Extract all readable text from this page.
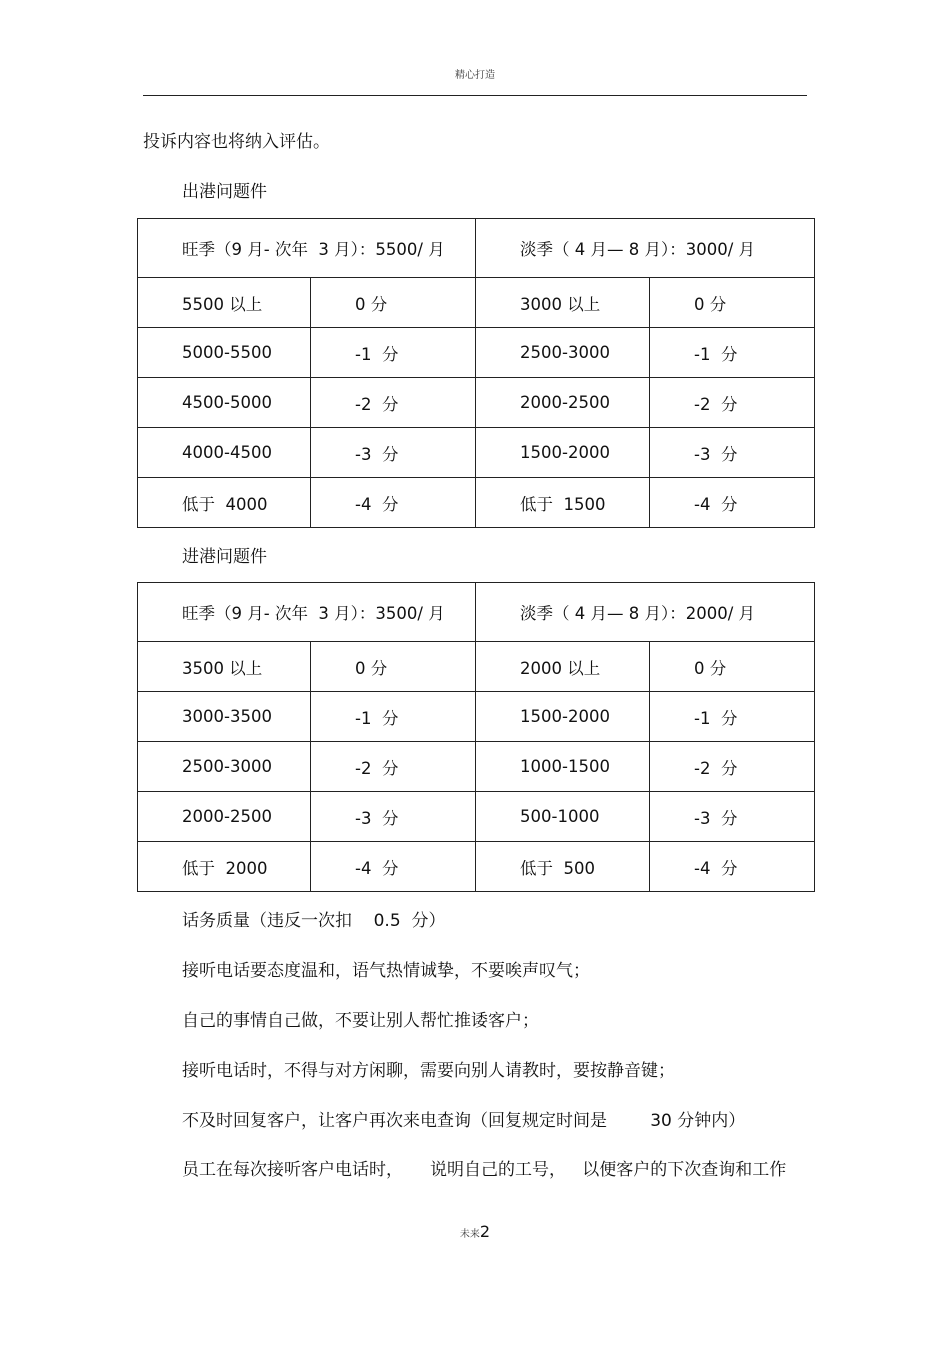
精心打造
投诉内容也将纳入评估。
出港问题件
旺季（9 月- 次年  3 月）：5500/ 月		淡季（ 4 月— 8 月）：3000/ 月	
5500 以上	0 分	3000 以上	0 分
5000-5500	-1  分	2500-3000	-1  分
4500-5000	-2  分	2000-2500	-2  分
4000-4500	-3  分	1500-2000	-3  分
低于  4000	-4  分	低于  1500	-4  分
进港问题件
旺季（9 月- 次年  3 月）：3500/ 月		淡季（ 4 月— 8 月）：2000/ 月	
3500 以上	0 分	2000 以上	0 分
3000-3500	-1  分	1500-2000	-1  分
2500-3000	-2  分	1000-1500	-2  分
2000-2500	-3  分	500-1000	-3  分
低于  2000	-4  分	低于  500	-4  分
话务质量（违反一次扣    0.5  分）
接听电话要态度温和，语气热情诚挚，不要唉声叹气；
自己的事情自己做，不要让别人帮忙推诿客户；
接听电话时，不得与对方闲聊，需要向别人请教时，要按静音键；
不及时回复客户，让客户再次来电查询（回复规定时间是        30 分钟内）
员工在每次接听客户电话时，     说明自己的工号，   以便客户的下次查询和工作
未来2
